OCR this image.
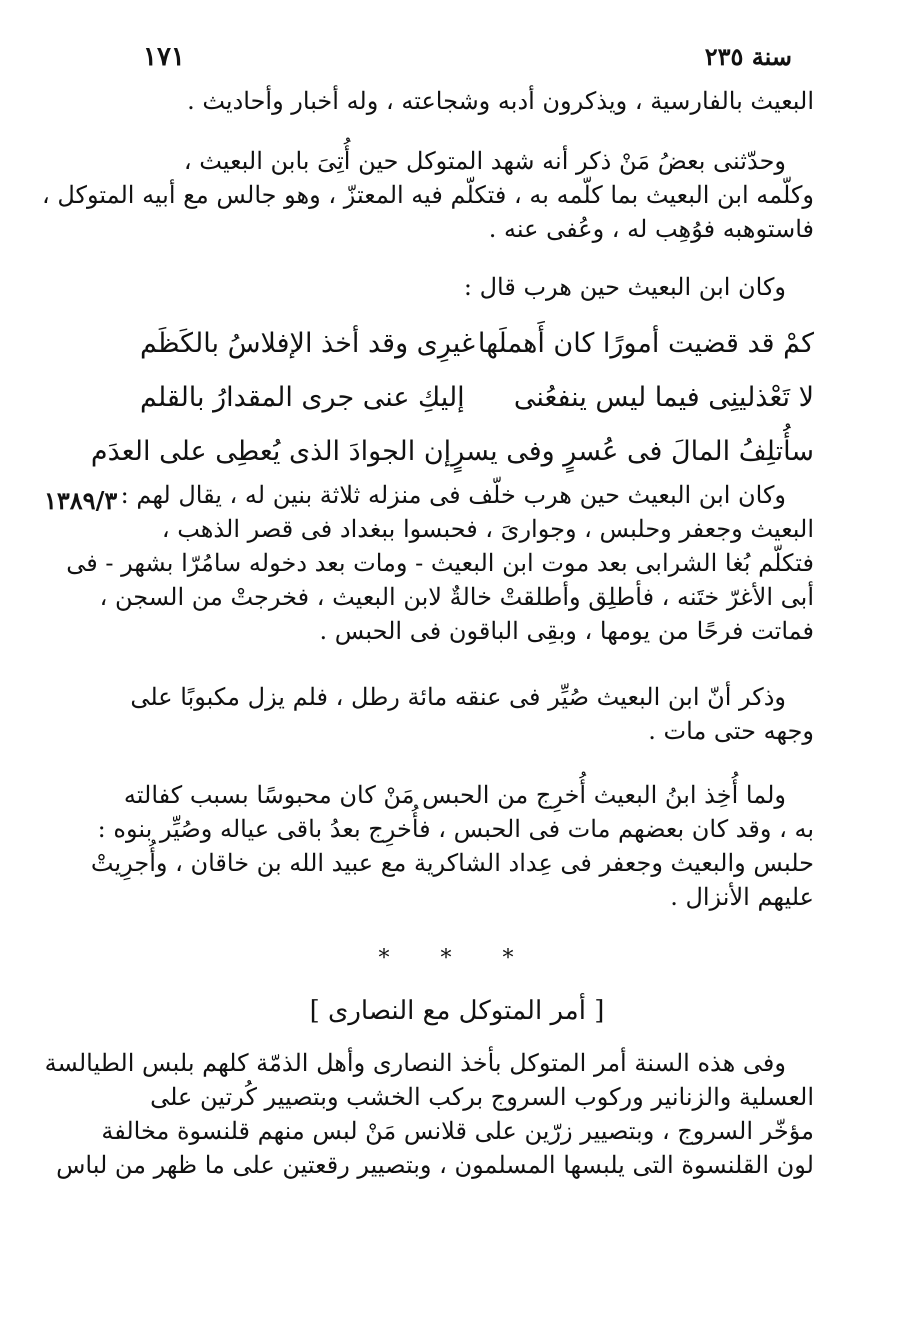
١٧١	سنة ٢٣٥
١٣٨٩/٣
البعيث بالفارسية ، ويذكرون أدبه وشجاعته ، وله أخبار وأحاديث .
وحدّثنى بعضُ مَنْ ذكر أنه شهد المتوكل حين أُتِىَ بابن البعيث ،
وكلّمه ابن البعيث بما كلّمه به ، فتكلّم فيه المعتزّ ، وهو جالس مع أبيه المتوكل ،
فاستوهبه فوُهِب له ، وعُفى عنه .
وكان ابن البعيث حين هرب قال :
كمْ قد قضيت أمورًا كان أَهملَها
غيرِى وقد أخذ الإفلاسُ بالكَظَم
لا تَعْذلينِى فيما ليس ينفعُنى
إليكِ عنى جرى المقدارُ بالقلم
سأُتلِفُ المالَ فى عُسرٍ وفى يسرٍ
إن الجوادَ الذى يُعطِى على العدَم
وكان ابن البعيث حين هرب خلّف فى منزله ثلاثة بنين له ، يقال لهم :
البعيث وجعفر وحلبس ، وجوارىَ ، فحبسوا ببغداد فى قصر الذهب ،
فتكلّم بُغا الشرابى بعد موت ابن البعيث - ومات بعد دخوله سامُرّا بشهر - فى
أبى الأغرّ ختَنه ، فأطلِق وأطلقتْ خالةٌ لابن البعيث ، فخرجتْ من السجن ،
فماتت فرحًا من يومها ، وبقِى الباقون فى الحبس .
وذكر أنّ ابن البعيث صُيِّر فى عنقه مائة رطل ، فلم يزل مكبوبًا على
وجهه حتى مات .
ولما أُخِذ ابنُ البعيث أُخرِج من الحبس مَنْ كان محبوسًا بسبب كفالته
به ، وقد كان بعضهم مات فى الحبس ، فأُخرِج بعدُ باقى عياله وصُيِّر بنوه :
حلبس والبعيث وجعفر فى عِداد الشاكرية مع عبيد الله بن خاقان ، وأُجرِيتْ
عليهم الأنزال .
* * *
[ أمر المتوكل مع النصارى ]
وفى هذه السنة أمر المتوكل بأخذ النصارى وأهل الذمّة كلهم بلبس الطيالسة
العسلية والزنانير وركوب السروج بركب الخشب وبتصيير كُرتين على
مؤخّر السروج ، وبتصيير زرّين على قلانس مَنْ لبس منهم قلنسوة مخالفة
لون القلنسوة التى يلبسها المسلمون ، وبتصيير رقعتين على ما ظهر من لباس
